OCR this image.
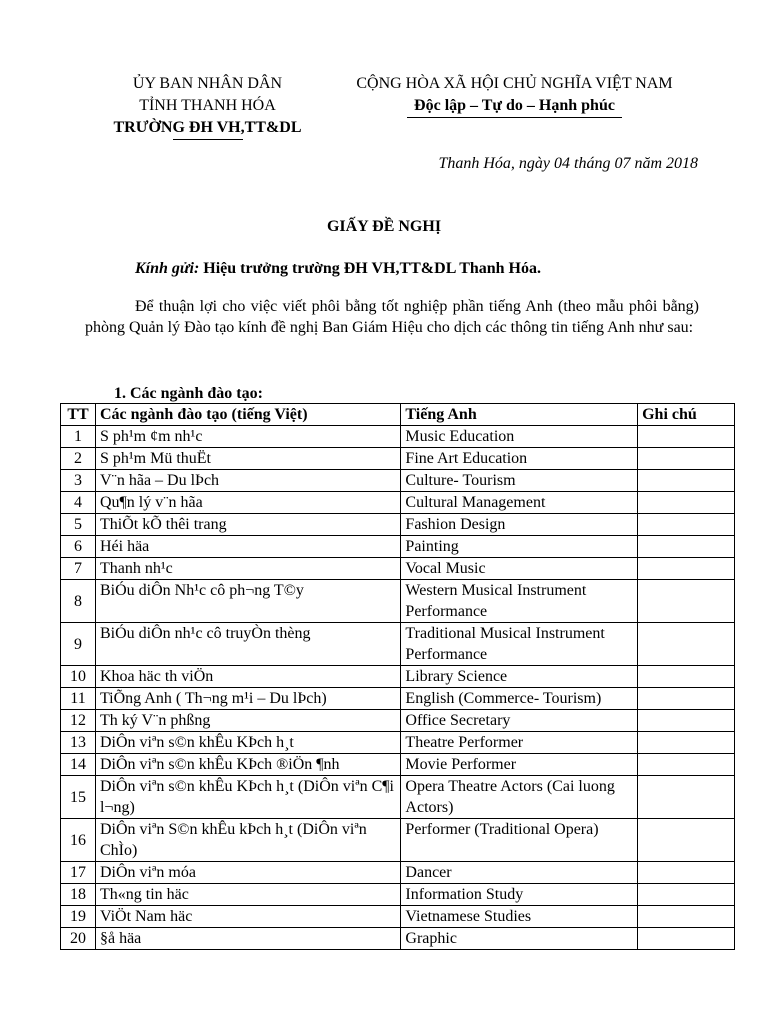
ỦY BAN NHÂN DÂN
TỈNH THANH HÓA
TRƯỜNG ĐH VH,TT&DL
CỘNG HÒA XÃ HỘI CHỦ NGHĨA VIỆT NAM
Độc lập – Tự do – Hạnh phúc
Thanh Hóa, ngày 04 tháng 07 năm 2018
GIẤY ĐỀ NGHỊ
Kính gửi: Hiệu trưởng trường ĐH VH,TT&DL Thanh Hóa.
Để thuận lợi cho việc viết phôi bằng tốt nghiệp phần tiếng Anh (theo mẫu phôi bằng) phòng Quản lý Đào tạo kính đề nghị Ban Giám Hiệu cho dịch các thông tin tiếng Anh như sau:
1. Các ngành đào tạo:
TT	Các ngành đào tạo (tiếng Việt)	Tiếng Anh	Ghi chú
1	S ph¹m ¢m nh¹c	Music Education	
2	S ph¹m Mü thuËt	Fine Art Education	
3	V¨n hãa – Du lÞch	Culture- Tourism	
4	Qu¶n lý v¨n hãa	Cultural Management	
5	ThiÕt kÕ thêi trang	Fashion Design	
6	Héi häa	Painting	
7	Thanh nh¹c	Vocal Music	
8	BiÓu diÔn Nh¹c cô ph¬ng T©y	Western Musical Instrument Performance	
9	BiÓu diÔn nh¹c cô truyÒn thèng	Traditional Musical Instrument Performance	
10	Khoa häc th viÖn	Library Science	
11	TiÕng Anh ( Th¬ng m¹i – Du lÞch)	English (Commerce- Tourism)	
12	Th ký V¨n phßng	Office Secretary	
13	DiÔn viªn s©n khÊu KÞch h¸t	Theatre Performer	
14	DiÔn viªn s©n khÊu KÞch ®iÖn ¶nh	Movie Performer	
15	DiÔn viªn s©n khÊu KÞch h¸t (DiÔn viªn C¶i l¬ng)	Opera Theatre Actors (Cai luong Actors)	
16	DiÔn viªn S©n khÊu kÞch h¸t (DiÔn viªn ChÌo)	Performer (Traditional Opera)	
17	DiÔn viªn móa	Dancer	
18	Th«ng tin häc	Information Study	
19	ViÖt Nam häc	Vietnamese Studies	
20	§å häa	Graphic	
